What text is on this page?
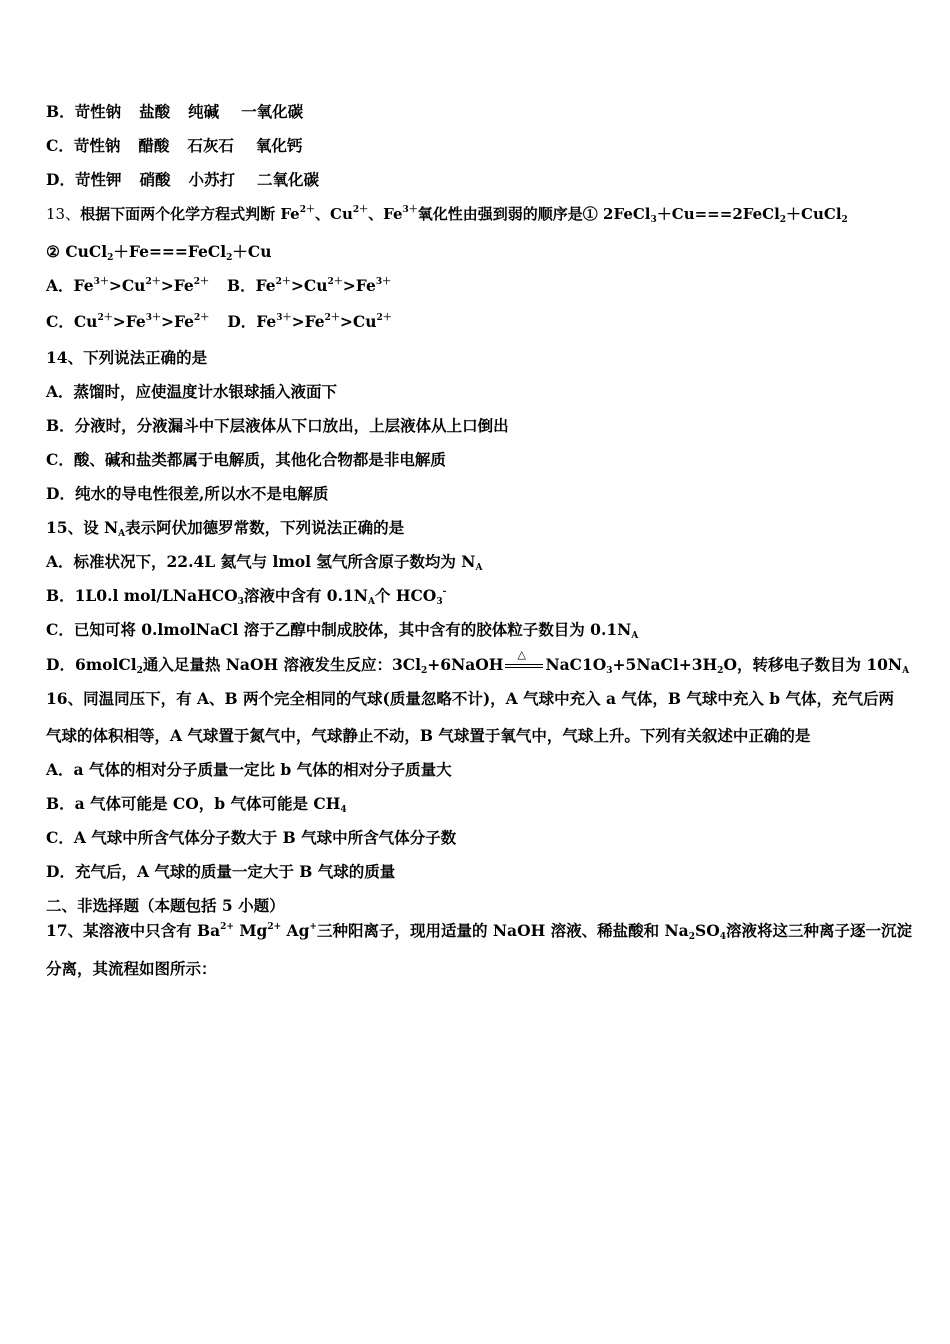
B．苛性钠 盐酸 纯碱 一氧化碳
C．苛性钠 醋酸 石灰石 氧化钙
D．苛性钾 硝酸 小苏打 二氧化碳
13、根据下面两个化学方程式判断 $Fe^{2+}$、$Cu^{2+}$、$Fe^{3+}$氧化性由强到弱的顺序是① 2FeCl$_3$＋Cu===2FeCl$_2$＋CuCl$_2$
② CuCl$_2$＋Fe===FeCl$_2$＋Cu
A．$Fe^{3+}>Cu^{2+}>Fe^{2+}$ B．$Fe^{2+}>Cu^{2+}>Fe^{3+}$
C．$Cu^{2+}>Fe^{3+}>Fe^{2+}$ D．$Fe^{3+}>Fe^{2+}>Cu^{2+}$
14、下列说法正确的是
A．蒸馏时，应使温度计水银球插入液面下
B．分液时，分液漏斗中下层液体从下口放出，上层液体从上口倒出
C．酸、碱和盐类都属于电解质，其他化合物都是非电解质
D．纯水的导电性很差,所以水不是电解质
15、设 $N_A$表示阿伏加德罗常数，下列说法正确的是
A．标准状况下，22.4L 氦气与 lmol 氢气所含原子数均为 $N_A$
B．1L0.l mol/LNaHCO$_3$溶液中含有 $0.1N_A$个 $HCO_3^-$
C．已知可将 0.lmolNaCl 溶于乙醇中制成胶体，其中含有的胶体粒子数目为 $0.1N_A$
D．6molCl$_2$通入足量热 NaOH 溶液发生反应：$3Cl_2+6NaOH$
△
$NaC1O_3+5NaCl+3H_2O$，转移电子数目为 $10N_A$
16、同温同压下，有 A、B 两个完全相同的气球(质量忽略不计)，A 气球中充入 a 气体，B 气球中充入 b 气体，充气后两
气球的体积相等，A 气球置于氮气中，气球静止不动，B 气球置于氧气中，气球上升。下列有关叙述中正确的是
A．a 气体的相对分子质量一定比 b 气体的相对分子质量大
B．a 气体可能是 CO，b 气体可能是 $CH_4$
C．A 气球中所含气体分子数大于 B 气球中所含气体分子数
D．充气后，A 气球的质量一定大于 B 气球的质量
二、非选择题（本题包括 5 小题）
17、某溶液中只含有 $Ba^{2+}$ $Mg^{2+}$ Ag+三种阳离子，现用适量的 NaOH 溶液、稀盐酸和 $Na_2SO_4$溶液将这三种离子逐一沉淀
分离，其流程如图所示：
